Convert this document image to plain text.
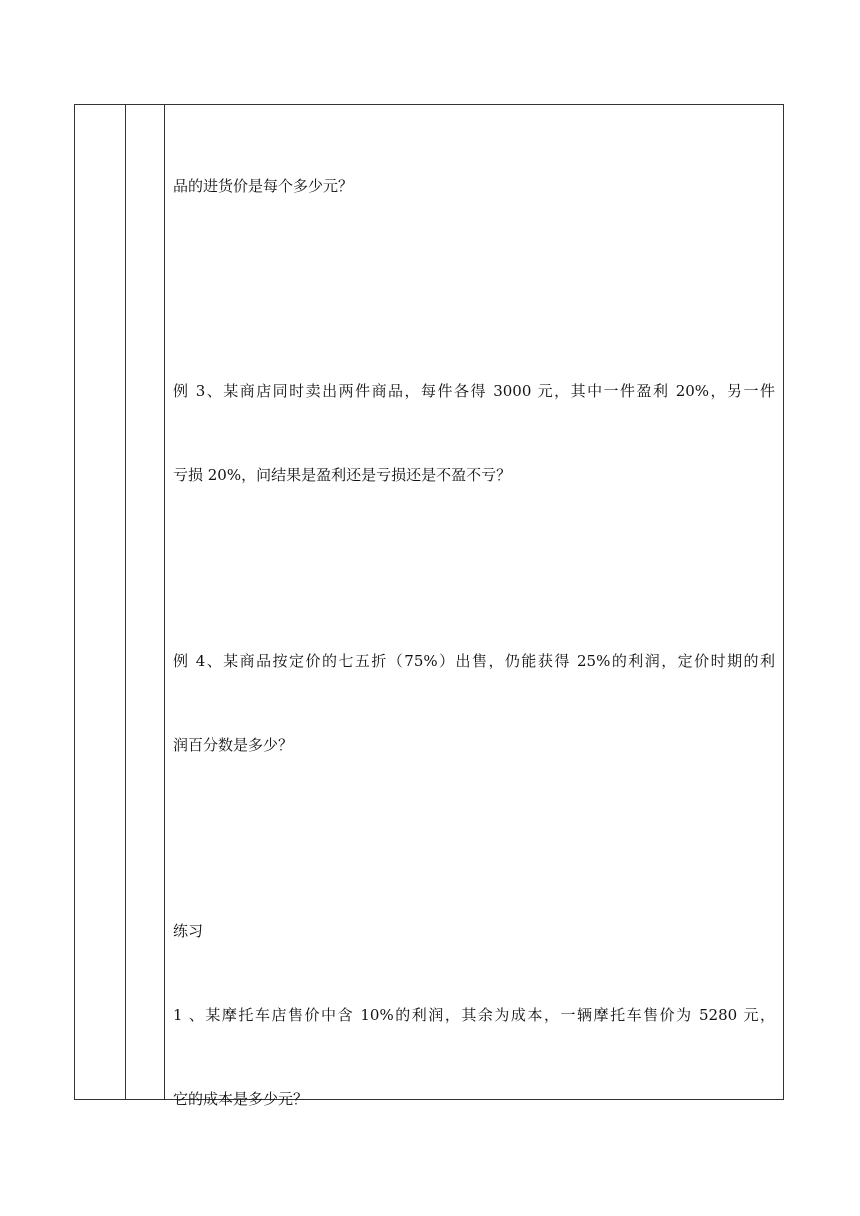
品的进货价是每个多少元？

例 3、某商店同时卖出两件商品，每件各得 3000 元，其中一件盈利 20%，另一件

亏损 20%，问结果是盈利还是亏损还是不盈不亏？

例 4、某商品按定价的七五折（75%）出售，仍能获得 25%的利润，定价时期的利

润百分数是多少？

练习

1 、某摩托车店售价中含 10%的利润，其余为成本，一辆摩托车售价为 5280 元，

它的成本是多少元？
